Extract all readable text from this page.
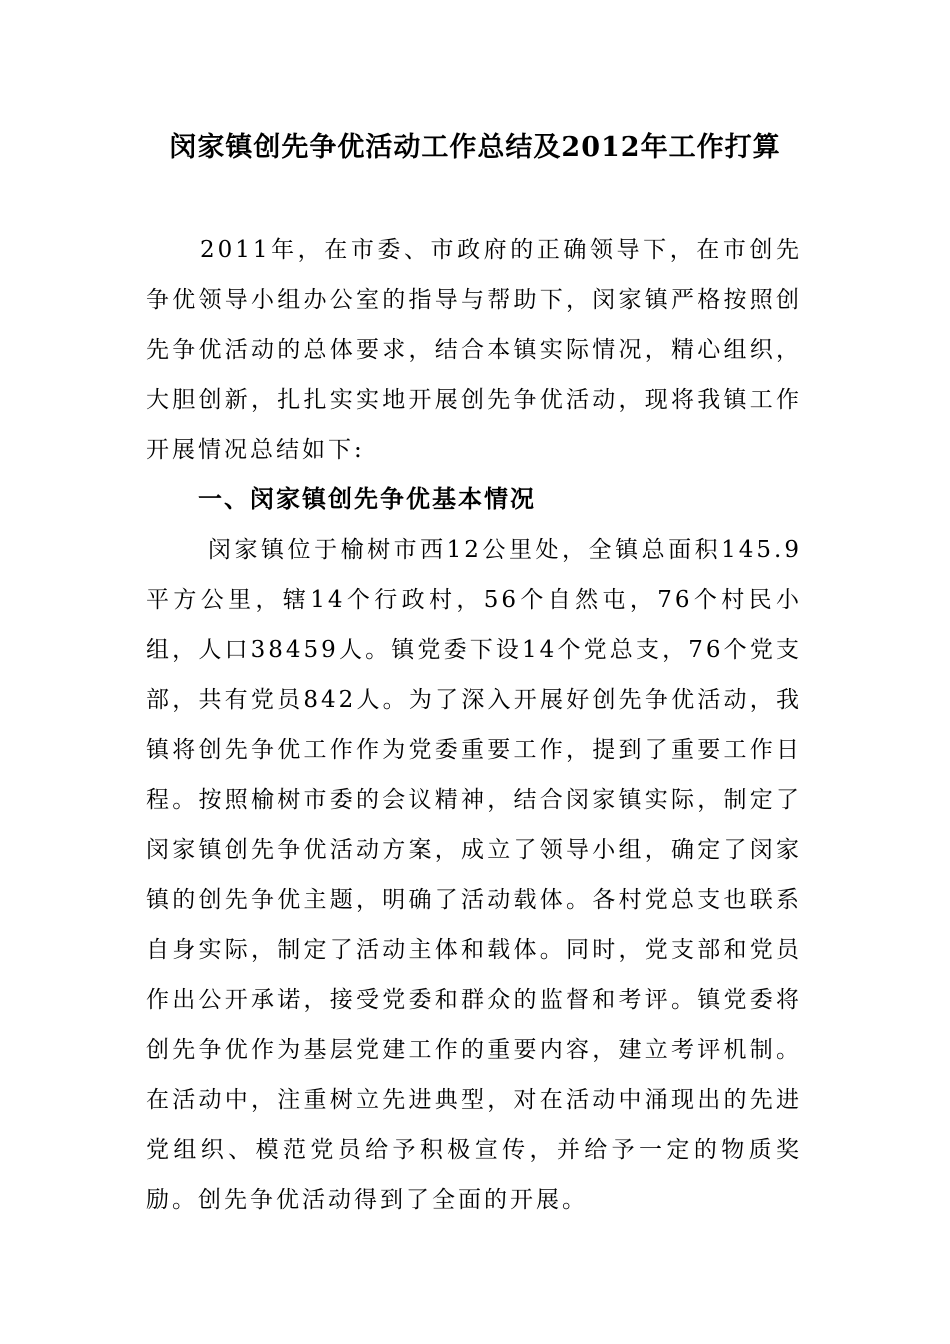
闵家镇创先争优活动工作总结及2012年工作打算

2011年，在市委、市政府的正确领导下，在市创先争优领导小组办公室的指导与帮助下，闵家镇严格按照创先争优活动的总体要求，结合本镇实际情况，精心组织，大胆创新，扎扎实实地开展创先争优活动，现将我镇工作开展情况总结如下:

一、闵家镇创先争优基本情况

闵家镇位于榆树市西12公里处，全镇总面积145.9平方公里，辖14个行政村，56个自然屯，76个村民小组，人口38459人。镇党委下设14个党总支，76个党支部，共有党员842人。为了深入开展好创先争优活动，我镇将创先争优工作作为党委重要工作，提到了重要工作日程。按照榆树市委的会议精神，结合闵家镇实际，制定了闵家镇创先争优活动方案，成立了领导小组，确定了闵家镇的创先争优主题，明确了活动载体。各村党总支也联系自身实际，制定了活动主体和载体。同时，党支部和党员作出公开承诺，接受党委和群众的监督和考评。镇党委将创先争优作为基层党建工作的重要内容，建立考评机制。在活动中，注重树立先进典型，对在活动中涌现出的先进党组织、模范党员给予积极宣传，并给予一定的物质奖励。创先争优活动得到了全面的开展。
